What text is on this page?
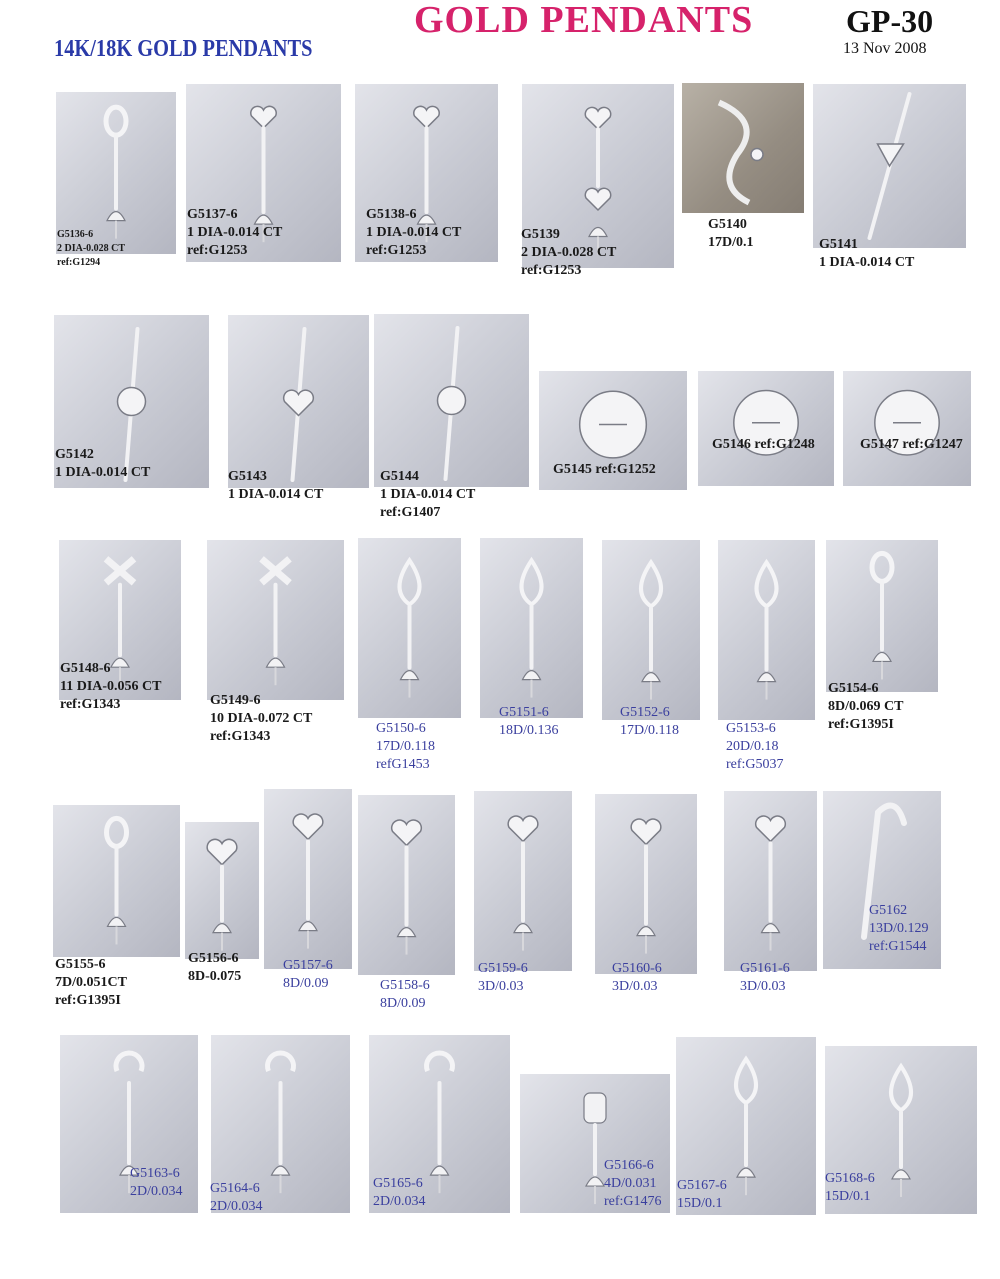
GOLD PENDANTS	GP-30
13 Nov 2008
14K/18K GOLD PENDANTS
G5136-6
2 DIA-0.028 CT
ref:G1294
G5137-6
1 DIA-0.014 CT
ref:G1253
G5138-6
1 DIA-0.014 CT
ref:G1253
G5139
2 DIA-0.028 CT
ref:G1253
G5140
17D/0.1	G5141
1 DIA-0.014 CT
G5142
1 DIA-0.014 CT	G5143
1 DIA-0.014 CT
G5144
1 DIA-0.014 CT
ref:G1407
G5145 ref:G1252
G5146 ref:G1248	G5147 ref:G1247
G5148-6
11 DIA-0.056 CT
ref:G1343	G5149-6
10 DIA-0.072 CT
ref:G1343
G5150-6
17D/0.118
refG1453
G5151-6
18D/0.136
G5152-6
17D/0.118	G5153-6
20D/0.18
ref:G5037
G5154-6
8D/0.069 CT
ref:G1395I
G5155-6
7D/0.051CT
ref:G1395I
G5156-6
8D-0.075
G5157-6
8D/0.09	G5158-6
8D/0.09
G5159-6
3D/0.03
G5160-6
3D/0.03
G5161-6
3D/0.03
G5162
13D/0.129
ref:G1544
G5163-6
2D/0.034 G5164-6
2D/0.034
G5165-6
2D/0.034
G5166-6
4D/0.031
ref:G1476
G5167-6
15D/0.1
G5168-6
15D/0.1
